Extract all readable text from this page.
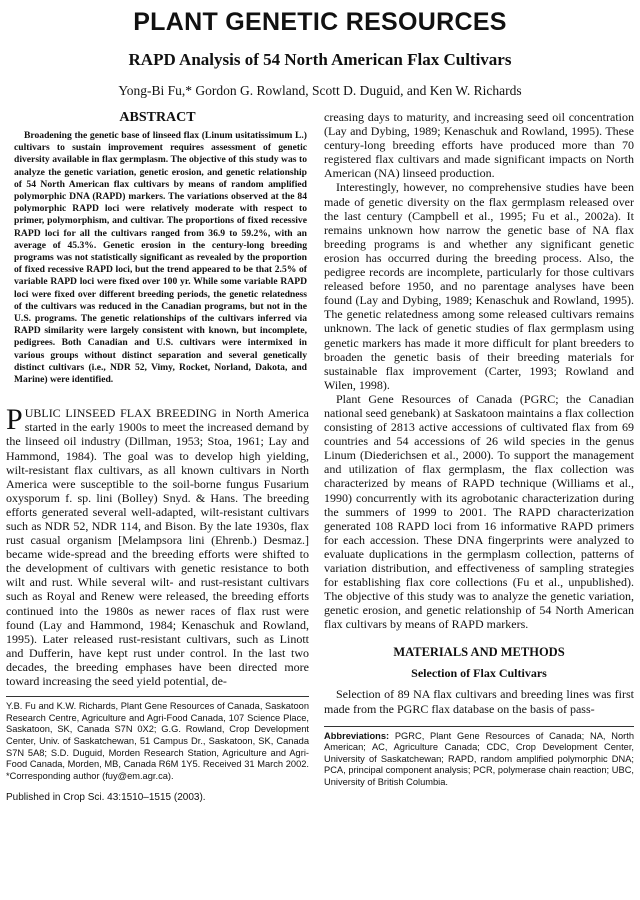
PLANT GENETIC RESOURCES
RAPD Analysis of 54 North American Flax Cultivars
Yong-Bi Fu,* Gordon G. Rowland, Scott D. Duguid, and Ken W. Richards
ABSTRACT

Broadening the genetic base of linseed flax (Linum usitatissimum L.) cultivars to sustain improvement requires assessment of genetic diversity available in flax germplasm. The objective of this study was to analyze the genetic variation, genetic erosion, and genetic relationship of 54 North American flax cultivars by means of random amplified polymorphic DNA (RAPD) markers. The variations observed at the 84 polymorphic RAPD loci were relatively moderate with respect to primer, polymorphism, and cultivar. The proportions of fixed recessive RAPD loci for all the cultivars ranged from 36.9 to 59.2%, with an average of 45.3%. Genetic erosion in the century-long breeding programs was not statistically significant as revealed by the proportion of fixed recessive RAPD loci, but the trend appeared to be that 2.5% of variable RAPD loci were fixed over 100 yr. While some variable RAPD loci were fixed over different breeding periods, the genetic relatedness of the cultivars was reduced in the Canadian programs, but not in the U.S. programs. The genetic relationships of the cultivars inferred via RAPD similarity were largely consistent with known, but incomplete, pedigrees. Both Canadian and U.S. cultivars were intermixed in various groups without distinct separation and several genetically distinct cultivars (i.e., NDR 52, Vimy, Rocket, Norland, Dakota, and Marine) were identified.

PUBLIC LINSEED FLAX BREEDING in North America started in the early 1900s to meet the increased demand by the linseed oil industry (Dillman, 1953; Stoa, 1961; Lay and Hammond, 1984). The goal was to develop high yielding, wilt-resistant flax cultivars, as all known cultivars in North America were susceptible to the soil-borne fungus Fusarium oxysporum f. sp. lini (Bolley) Snyd. & Hans. The breeding efforts generated several well-adapted, wilt-resistant cultivars such as NDR 52, NDR 114, and Bison. By the late 1930s, flax rust casual organism [Melampsora lini (Ehrenb.) Desmaz.] became wide-spread and the breeding efforts were shifted to the development of cultivars with genetic resistance to both wilt and rust. While several wilt- and rust-resistant cultivars such as Royal and Renew were released, the breeding efforts continued into the 1980s as newer races of flax rust were found (Lay and Hammond, 1984; Kenaschuk and Rowland, 1995). Later released rust-resistant cultivars, such as Linott and Dufferin, have kept rust under control. In the last two decades, the breeding emphases have been directed more toward increasing the seed yield potential, de-

Y.B. Fu and K.W. Richards, Plant Gene Resources of Canada, Saskatoon Research Centre, Agriculture and Agri-Food Canada, 107 Science Place, Saskatoon, SK, Canada S7N 0X2; G.G. Rowland, Crop Development Center, Univ. of Saskatchewan, 51 Campus Dr., Saskatoon, SK, Canada S7N 5A8; S.D. Duguid, Morden Research Station, Agriculture and Agri-Food Canada, Morden, MB, Canada R6M 1Y5. Received 31 March 2002. *Corresponding author (fuy@em.agr.ca).

Published in Crop Sci. 43:1510–1515 (2003).

creasing days to maturity, and increasing seed oil concentration (Lay and Dybing, 1989; Kenaschuk and Rowland, 1995). These century-long breeding efforts have produced more than 70 registered flax cultivars and made significant impacts on North American (NA) linseed production.

Interestingly, however, no comprehensive studies have been made of genetic diversity on the flax germplasm released over the last century (Campbell et al., 1995; Fu et al., 2002a). It remains unknown how narrow the genetic base of NA flax breeding programs is and whether any significant genetic erosion has occurred during the breeding process. Also, the pedigree records are incomplete, particularly for those cultivars released before 1950, and no parentage analyses have been found (Lay and Dybing, 1989; Kenaschuk and Rowland, 1995). The genetic relatedness among some released cultivars remains unknown. The lack of genetic studies of flax germplasm using genetic markers has made it more difficult for plant breeders to broaden the genetic basis of their breeding materials for sustainable flax improvement (Carter, 1993; Rowland and Wilen, 1998).

Plant Gene Resources of Canada (PGRC; the Canadian national seed genebank) at Saskatoon maintains a flax collection consisting of 2813 active accessions of cultivated flax from 69 countries and 54 accessions of 26 wild species in the genus Linum (Diederichsen et al., 2000). To support the management and utilization of flax germplasm, the flax collection was characterized by means of RAPD technique (Williams et al., 1990) concurrently with its agrobotanic characterization during the summers of 1999 to 2001. The RAPD characterization generated 108 RAPD loci from 16 informative RAPD primers for each accession. These DNA fingerprints were analyzed to evaluate duplications in the germplasm collection, patterns of variation distribution, and effectiveness of sampling strategies for establishing flax core collections (Fu et al., unpublished). The objective of this study was to analyze the genetic variation, genetic erosion, and genetic relationship of 54 North American flax cultivars by means of RAPD markers.

MATERIALS AND METHODS
Selection of Flax Cultivars

Selection of 89 NA flax cultivars and breeding lines was first made from the PGRC flax database on the basis of pass-

Abbreviations: PGRC, Plant Gene Resources of Canada; NA, North American; AC, Agriculture Canada; CDC, Crop Development Center, University of Saskatchewan; RAPD, random amplified polymorphic DNA; PCA, principal component analysis; PCR, polymerase chain reaction; UBC, University of British Columbia.
